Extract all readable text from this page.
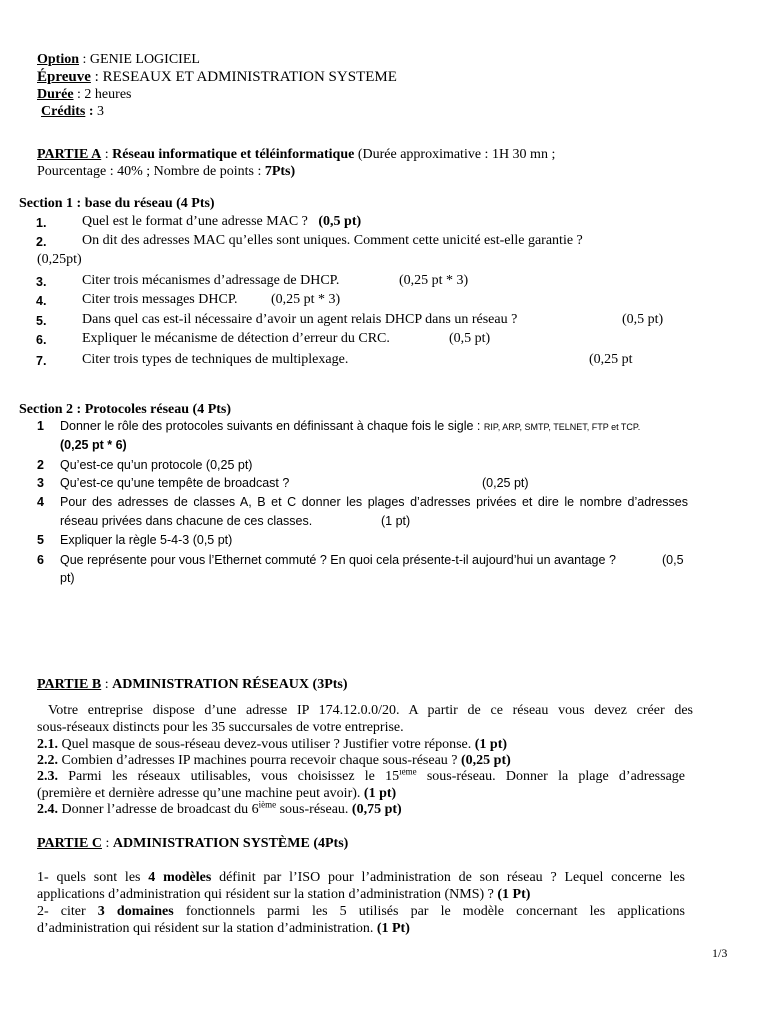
Option : GENIE LOGICIEL
Épreuve : RESEAUX ET ADMINISTRATION SYSTEME
Durée : 2 heures
Crédits : 3
PARTIE A : Réseau informatique et téléinformatique (Durée approximative : 1H 30 mn ;
Pourcentage : 40% ; Nombre de points : 7Pts)
Section 1 : base du réseau (4 Pts)
1.	Quel est le format d’une adresse MAC ? (0,5 pt)
2.	On dit des adresses MAC qu’elles sont uniques. Comment cette unicité est-elle garantie ?
(0,25pt)
3.	Citer trois mécanismes d’adressage de DHCP.	(0,25 pt * 3)
4.	Citer trois messages DHCP. (0,25 pt * 3)
5.	Dans quel cas est-il nécessaire d’avoir un agent relais DHCP dans un réseau ?	(0,5 pt)
6.	Expliquer le mécanisme de détection d’erreur du CRC.	(0,5 pt)
7.	Citer trois types de techniques de multiplexage.	(0,25 pt
Section 2 : Protocoles réseau (4 Pts)
1 Donner le rôle des protocoles suivants en définissant à chaque fois le sigle : RIP, ARP, SMTP, TELNET, FTP et TCP.
(0,25 pt * 6)
2 Qu’est-ce qu’un protocole (0,25 pt)
3 Qu’est-ce qu’une tempête de broadcast ?	(0,25 pt)
4 Pour des adresses de classes A, B et C donner les plages d’adresses privées et dire le nombre d’adresses
réseau privées dans chacune de ces classes.	(1 pt)
5 Expliquer la règle 5-4-3 (0,5 pt)
6 Que représente pour vous l’Ethernet commuté ? En quoi cela présente-t-il aujourd’hui un avantage ?	(0,5
pt)
PARTIE B : ADMINISTRATION RÉSEAUX (3Pts)
Votre entreprise dispose d’une adresse IP 174.12.0.0/20. A partir de ce réseau vous devez créer des
sous-réseaux distincts pour les 35 succursales de votre entreprise.
2.1. Quel masque de sous-réseau devez-vous utiliser ? Justifier votre réponse. (1 pt)
2.2. Combien d’adresses IP machines pourra recevoir chaque sous-réseau ? (0,25 pt)
2.3. Parmi les réseaux utilisables, vous choisissez le 15ième sous-réseau. Donner la plage d’adressage
(première et dernière adresse qu’une machine peut avoir). (1 pt)
2.4. Donner l’adresse de broadcast du 6ième sous-réseau. (0,75 pt)
PARTIE C : ADMINISTRATION SYSTÈME (4Pts)
1- quels sont les 4 modèles définit par l’ISO pour l’administration de son réseau ? Lequel concerne les
applications d’administration qui résident sur la station d’administration (NMS) ? (1 Pt)
2- citer 3 domaines fonctionnels parmi les 5 utilisés par le modèle concernant les applications
d’administration qui résident sur la station d’administration. (1 Pt)
1/3
